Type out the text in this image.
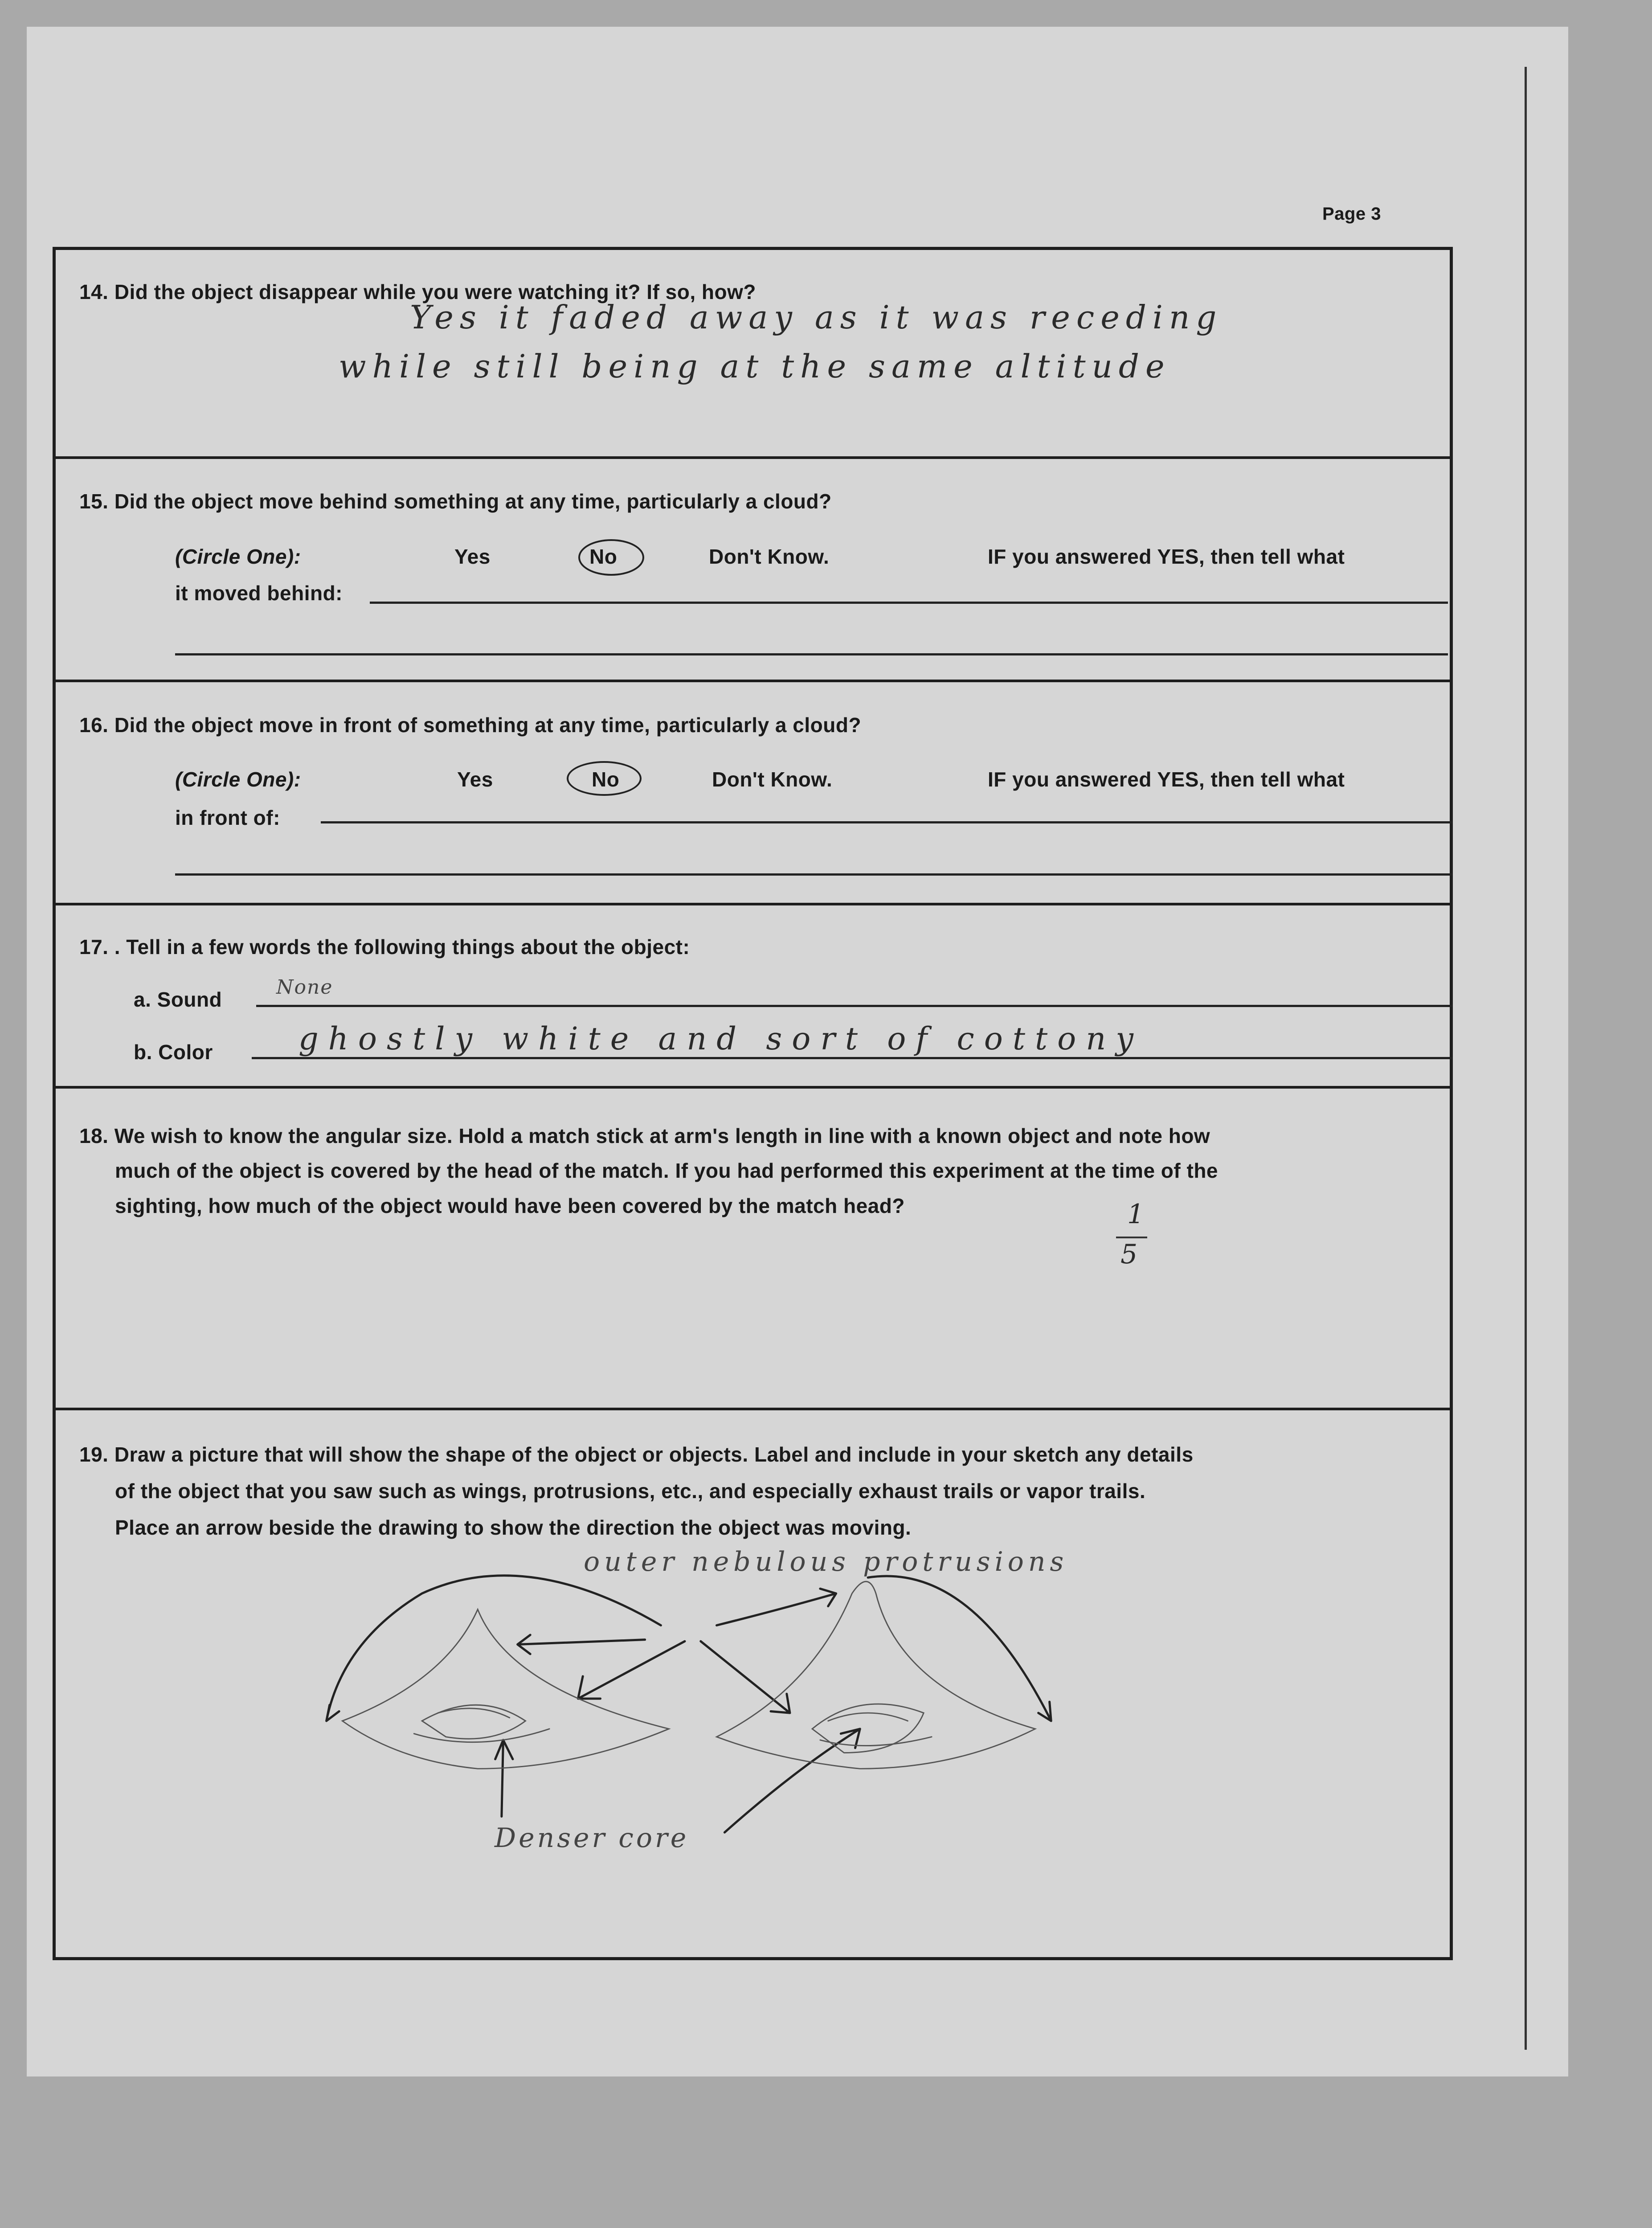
Page 3
14. Did the object disappear while you were watching it? If so, how?
Yes it faded away as it was receding
while still being at the same altitude
15. Did the object move behind something at any time, particularly a cloud?
(Circle One):	Yes	No	Don't Know.	IF you answered YES, then tell what
it moved behind:
16. Did the object move in front of something at any time, particularly a cloud?
(Circle One):	Yes	No	Don't Know.	IF you answered YES, then tell what
in front of:
17. . Tell in a few words the following things about the object:
a. Sound
None
b. Color	ghostly white and sort of cottony
18. We wish to know the angular size. Hold a match stick at arm's length in line with a known object and note how
much of the object is covered by the head of the match. If you had performed this experiment at the time of the
sighting, how much of the object would have been covered by the match head?	1
5
19. Draw a picture that will show the shape of the object or objects. Label and include in your sketch any details
of the object that you saw such as wings, protrusions, etc., and especially exhaust trails or vapor trails.
Place an arrow beside the drawing to show the direction the object was moving.
outer nebulous protrusions
Denser core
